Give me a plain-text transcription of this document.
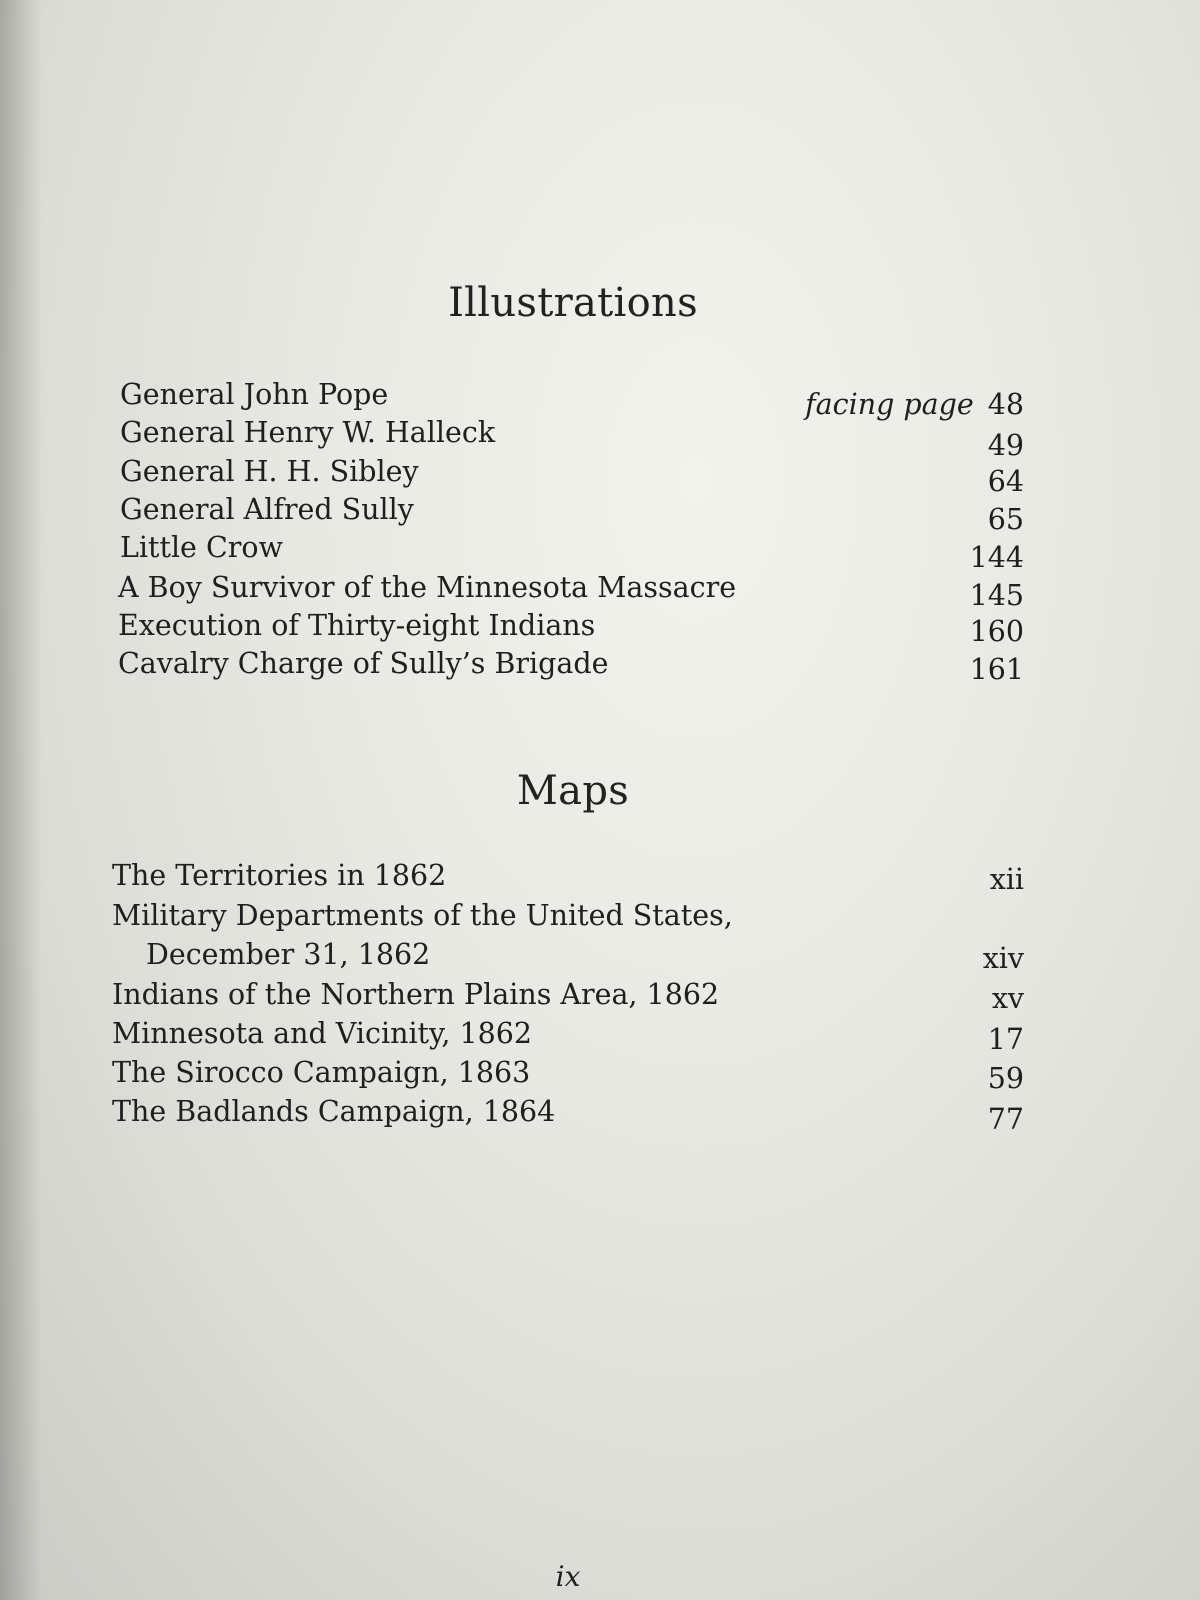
Illustrations
General John Pope	facing page 48
General Henry W. Halleck	49
General H. H. Sibley	64
General Alfred Sully	65
Little Crow	144
A Boy Survivor of the Minnesota Massacre	145
Execution of Thirty-eight Indians	160
Cavalry Charge of Sully’s Brigade	161
Maps
The Territories in 1862	xii
Military Departments of the United States,
December 31, 1862	xiv
Indians of the Northern Plains Area, 1862	xv
Minnesota and Vicinity, 1862	17
The Sirocco Campaign, 1863	59
The Badlands Campaign, 1864	77
ix
